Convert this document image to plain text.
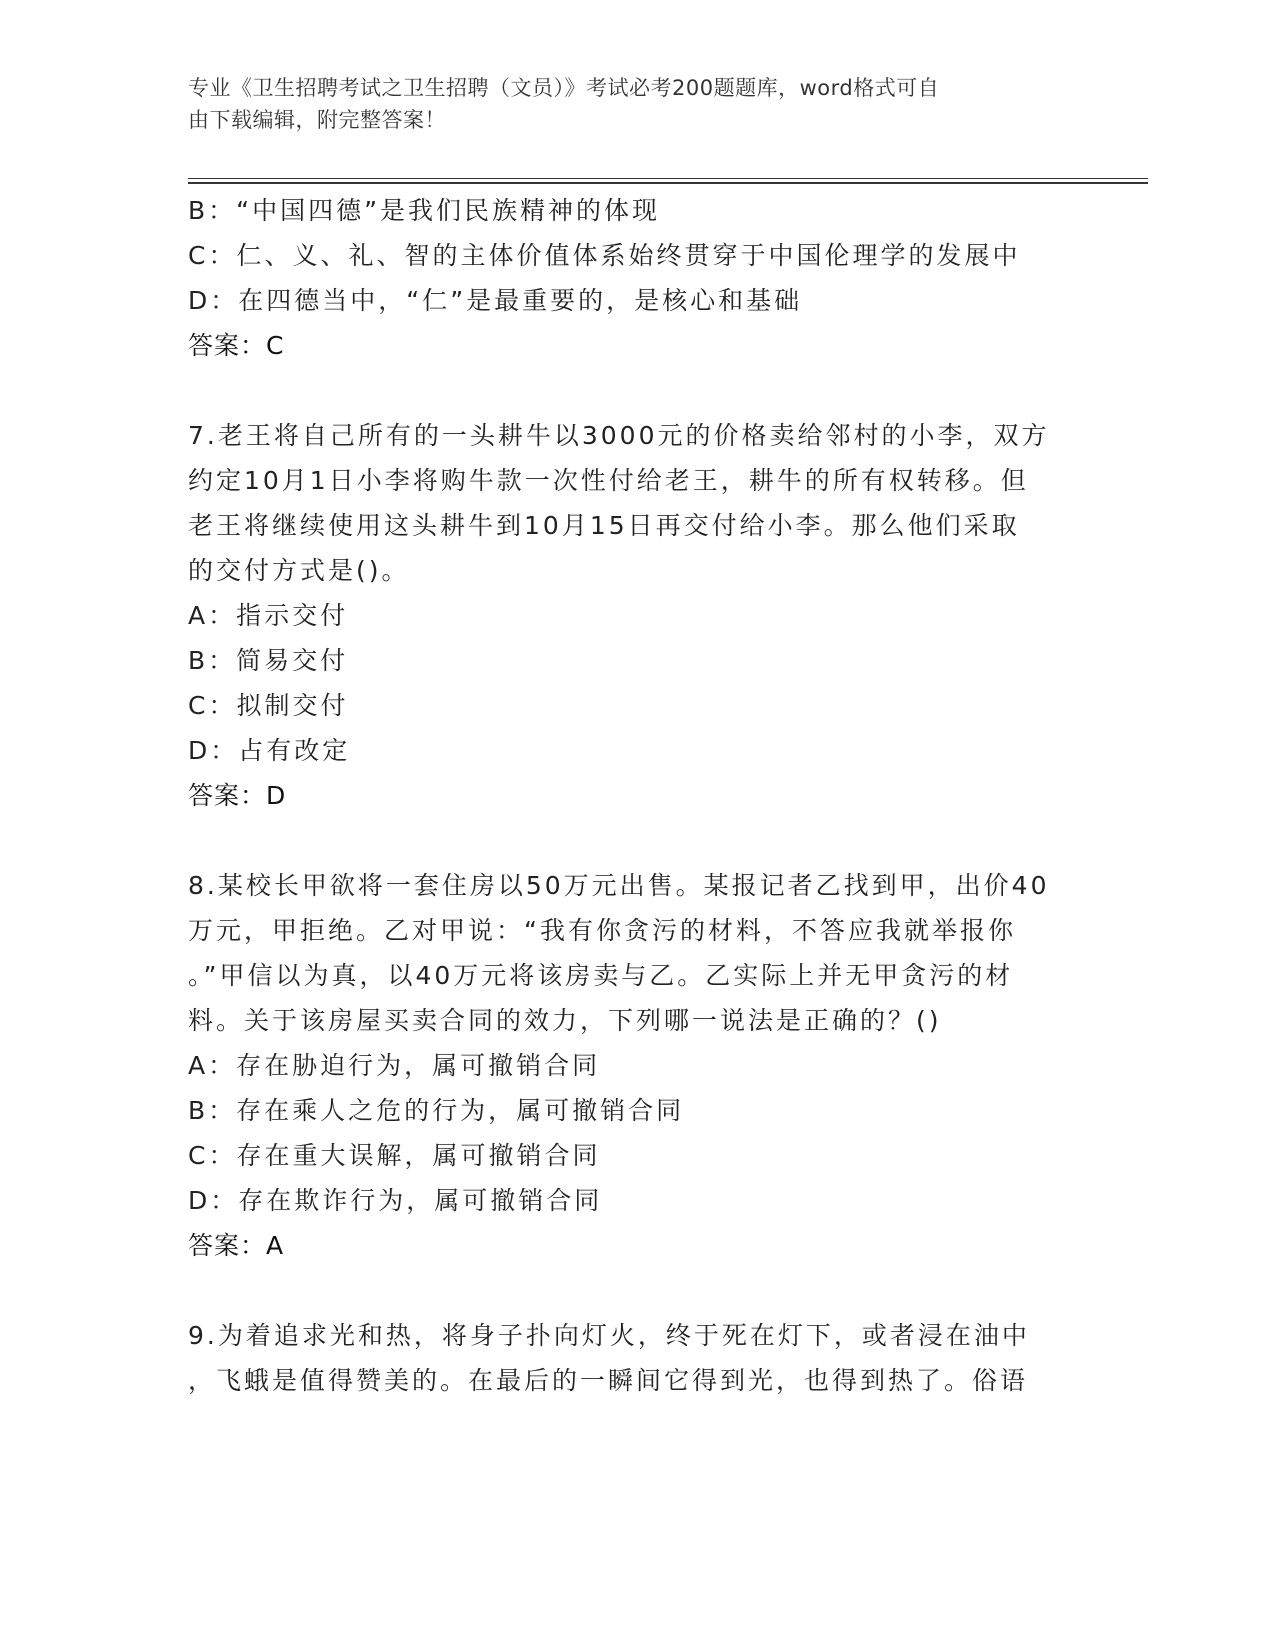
专业《卫生招聘考试之卫生招聘（文员）》考试必考200题题库，word格式可自
由下载编辑，附完整答案！
B：“中国四德”是我们民族精神的体现
C：仁、义、礼、智的主体价值体系始终贯穿于中国伦理学的发展中
D：在四德当中，“仁”是最重要的，是核心和基础
答案：C
7.老王将自己所有的一头耕牛以3000元的价格卖给邻村的小李，双方
约定10月1日小李将购牛款一次性付给老王，耕牛的所有权转移。但
老王将继续使用这头耕牛到10月15日再交付给小李。那么他们采取
的交付方式是()。
A：指示交付
B：简易交付
C：拟制交付
D：占有改定
答案：D
8.某校长甲欲将一套住房以50万元出售。某报记者乙找到甲，出价40
万元，甲拒绝。乙对甲说：“我有你贪污的材料，不答应我就举报你
。”甲信以为真，以40万元将该房卖与乙。乙实际上并无甲贪污的材
料。关于该房屋买卖合同的效力，下列哪一说法是正确的？()
A：存在胁迫行为，属可撤销合同
B：存在乘人之危的行为，属可撤销合同
C：存在重大误解，属可撤销合同
D：存在欺诈行为，属可撤销合同
答案：A
9.为着追求光和热，将身子扑向灯火，终于死在灯下，或者浸在油中
，飞蛾是值得赞美的。在最后的一瞬间它得到光，也得到热了。俗语
